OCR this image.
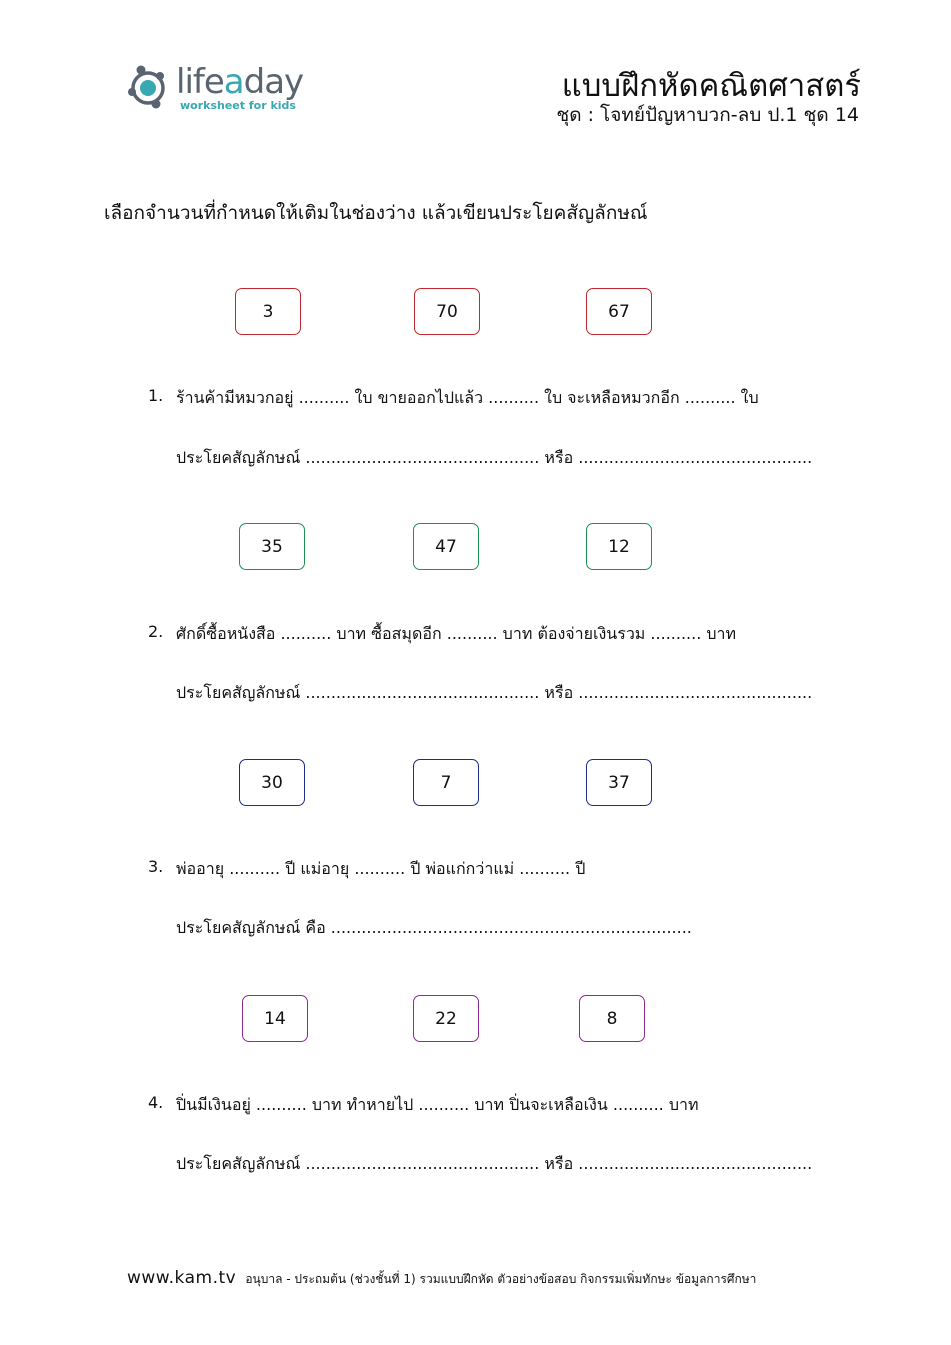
lifeaday
worksheet for kids
แบบฝึกหัดคณิตศาสตร์
ชุด : โจทย์ปัญหาบวก-ลบ ป.1 ชุด 14
เลือกจำนวนที่กำหนดให้เติมในช่องว่าง แล้วเขียนประโยคสัญลักษณ์
3	70	67
1. ร้านค้ามีหมวกอยู่ .......... ใบ ขายออกไปแล้ว .......... ใบ จะเหลือหมวกอีก .......... ใบ
ประโยคสัญลักษณ์ .............................................. หรือ ..............................................
35	47	12
2. ศักดิ์ซื้อหนังสือ .......... บาท ซื้อสมุดอีก .......... บาท ต้องจ่ายเงินรวม .......... บาท
ประโยคสัญลักษณ์ .............................................. หรือ ..............................................
30	7	37
3. พ่ออายุ .......... ปี แม่อายุ .......... ปี พ่อแก่กว่าแม่ .......... ปี
ประโยคสัญลักษณ์ คือ .......................................................................
14	22	8
4. ปิ่นมีเงินอยู่ .......... บาท ทำหายไป .......... บาท ปิ่นจะเหลือเงิน .......... บาท
ประโยคสัญลักษณ์ .............................................. หรือ ..............................................
www.kam.tv อนุบาล - ประถมต้น (ช่วงชั้นที่ 1) รวมแบบฝึกหัด ตัวอย่างข้อสอบ กิจกรรมเพิ่มทักษะ ข้อมูลการศึกษา
